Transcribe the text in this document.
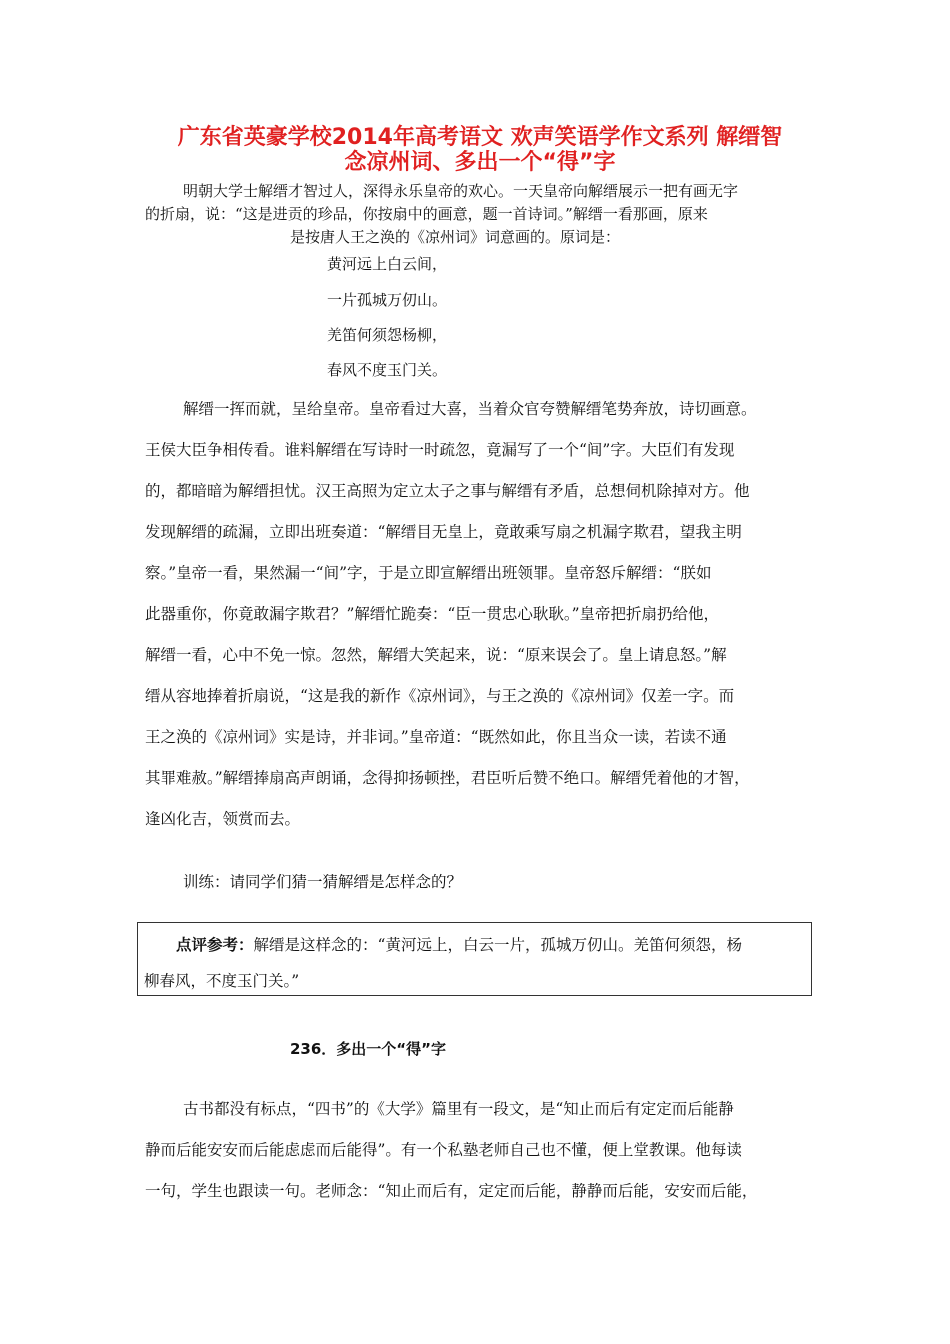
广东省英豪学校2014年高考语文 欢声笑语学作文系列 解缙智
念凉州词、多出一个“得”字
明朝大学士解缙才智过人，深得永乐皇帝的欢心。一天皇帝向解缙展示一把有画无字
的折扇，说：“这是进贡的珍品，你按扇中的画意，题一首诗词。”解缙一看那画，原来
是按唐人王之涣的《凉州词》词意画的。原词是：
黄河远上白云间，
一片孤城万仞山。
羌笛何须怨杨柳，
春风不度玉门关。
解缙一挥而就，呈给皇帝。皇帝看过大喜，当着众官夸赞解缙笔势奔放，诗切画意。
王侯大臣争相传看。谁料解缙在写诗时一时疏忽，竟漏写了一个“间”字。大臣们有发现
的，都暗暗为解缙担忧。汉王高照为定立太子之事与解缙有矛盾，总想伺机除掉对方。他
发现解缙的疏漏，立即出班奏道：“解缙目无皇上，竟敢乘写扇之机漏字欺君，望我主明
察。”皇帝一看，果然漏一“间”字，于是立即宣解缙出班领罪。皇帝怒斥解缙：“朕如
此器重你，你竟敢漏字欺君？”解缙忙跪奏：“臣一贯忠心耿耿。”皇帝把折扇扔给他，
解缙一看，心中不免一惊。忽然，解缙大笑起来，说：“原来误会了。皇上请息怒。”解
缙从容地捧着折扇说，“这是我的新作《凉州词》，与王之涣的《凉州词》仅差一字。而
王之涣的《凉州词》实是诗，并非词。”皇帝道：“既然如此，你且当众一读，若读不通
其罪难赦。”解缙捧扇高声朗诵，念得抑扬顿挫，君臣听后赞不绝口。解缙凭着他的才智，
逢凶化吉，领赏而去。
训练：请同学们猜一猜解缙是怎样念的？
点评参考：解缙是这样念的：“黄河远上，白云一片，孤城万仞山。羌笛何须怨，杨
柳春风，不度玉门关。”
236．多出一个“得”字
古书都没有标点，“四书”的《大学》篇里有一段文，是“知止而后有定定而后能静
静而后能安安而后能虑虑而后能得”。有一个私塾老师自己也不懂，便上堂教课。他每读
一句，学生也跟读一句。老师念：“知止而后有，定定而后能，静静而后能，安安而后能，
